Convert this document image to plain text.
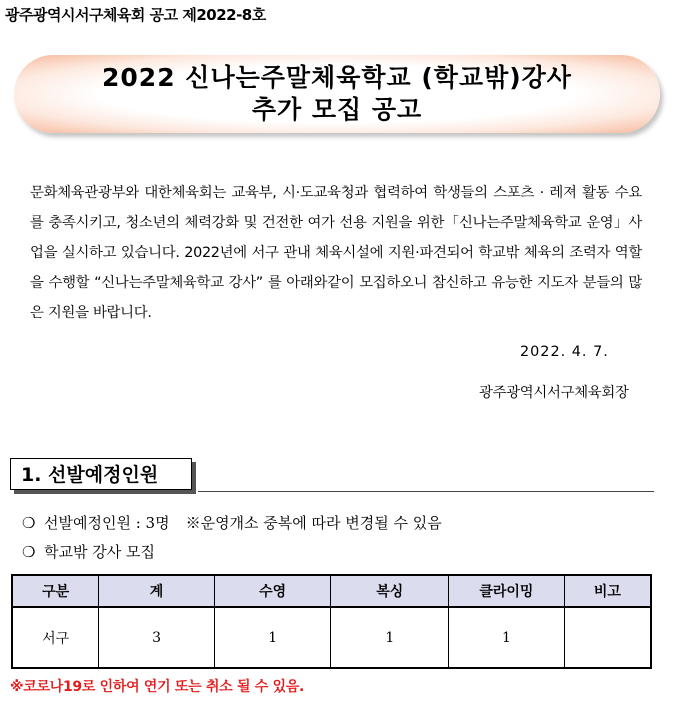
광주광역시서구체육회 공고 제2022-8호
2022 신나는주말체육학교 (학교밖)강사
추가 모집 공고
문화체육관광부와 대한체육회는 교육부, 시·도교육청과 협력하여 학생들의 스포츠 · 레져 활동 수요를 충족시키고, 청소년의 체력강화 및 건전한 여가 선용 지원을 위한「신나는주말체육학교 운영」사업을 실시하고 있습니다. 2022년에 서구 관내 체육시설에 지원·파견되어 학교밖 체육의 조력자 역할을 수행할 “신나는주말체육학교 강사” 를 아래와같이 모집하오니 참신하고 유능한 지도자 분들의 많은 지원을 바랍니다.
2022. 4. 7.
광주광역시서구체육회장
1. 선발예정인원
❍ 선발예정인원 : 3명 ※운영개소 중복에 따라 변경될 수 있음
❍ 학교밖 강사 모집
구분	계	수영	복싱	클라이밍	비고
서구	3	1	1	1	
※코로나19로 인하여 연기 또는 취소 될 수 있음.
